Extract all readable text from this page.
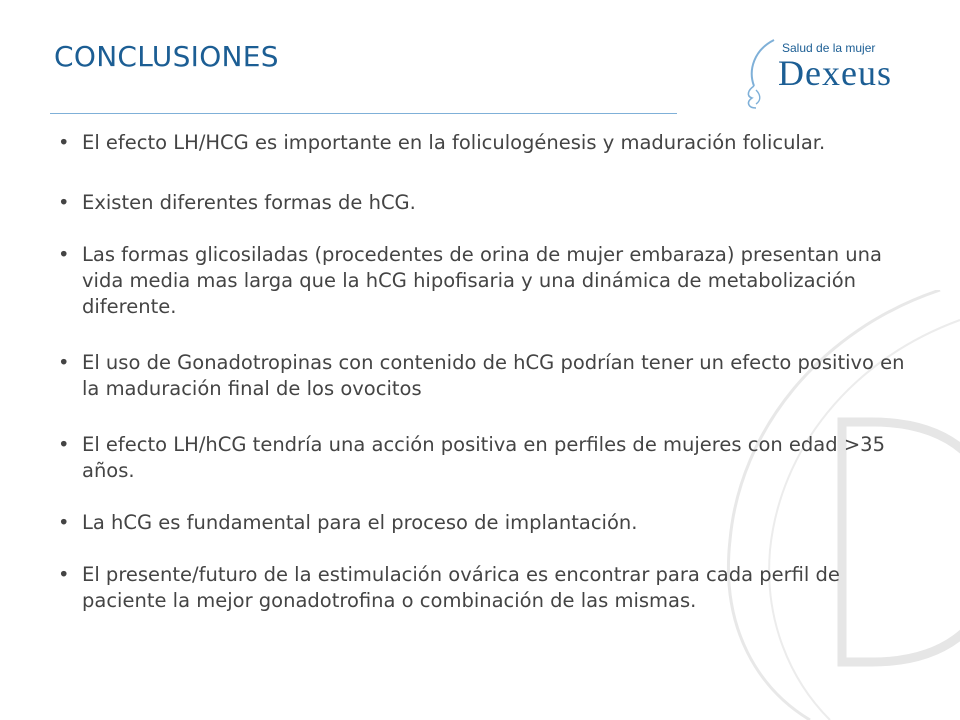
CONCLUSIONES	Salud de la mujer
Dexeus
• El efecto LH/HCG es importante en la foliculogénesis y maduración folicular.
• Existen diferentes formas de hCG.
• Las formas glicosiladas (procedentes de orina de mujer embaraza) presentan una vida media mas larga que la hCG hipofisaria y una dinámica de metabolización diferente.
• El uso de Gonadotropinas con contenido de hCG podrían tener un efecto positivo en la maduración final de los ovocitos
• El efecto LH/hCG tendría una acción positiva en perfiles de mujeres con edad >35 años.
• La hCG es fundamental para el proceso de implantación.
• El presente/futuro de la estimulación ovárica es encontrar para cada perfil de paciente la mejor gonadotrofina o combinación de las mismas.
